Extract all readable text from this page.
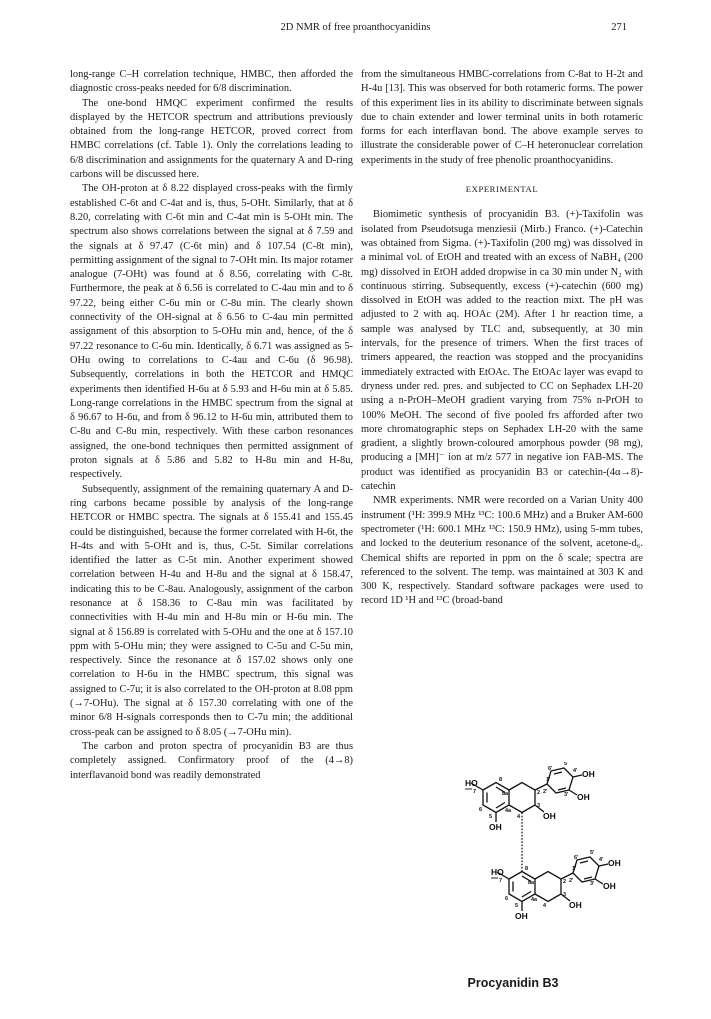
2D NMR of free proanthocyanidins	271

long-range C–H correlation technique, HMBC, then afforded the diagnostic cross-peaks needed for 6/8 discrimination.

The one-bond HMQC experiment confirmed the results displayed by the HETCOR spectrum and attributions previously obtained from the long-range HETCOR, proved correct from HMBC correlations (cf. Table 1). Only the correlations leading to 6/8 discrimination and assignments for the quaternary A and D-ring carbons will be discussed here.

The OH-proton at δ 8.22 displayed cross-peaks with the firmly established C-6t and C-4at and is, thus, 5-OHt. Similarly, that at δ 8.20, correlating with C-6t min and C-4at min is 5-OHt min. The spectrum also shows correlations between the signal at δ 7.59 and the signals at δ 97.47 (C-6t min) and δ 107.54 (C-8t min), permitting assignment of the signal to 7-OHt min. Its major rotamer analogue (7-OHt) was found at δ 8.56, correlating with C-8t. Furthermore, the peak at δ 6.56 is correlated to C-4au min and to δ 97.22, being either C-6u min or C-8u min. The clearly shown connectivity of the OH-signal at δ 6.56 to C-4au min permitted assignment of this absorption to 5-OHu min and, hence, of the δ 97.22 resonance to C-6u min. Identically, δ 6.71 was assigned as 5-OHu owing to correlations to C-4au and C-6u (δ 96.98). Subsequently, correlations in both the HETCOR and HMQC experiments then identified H-6u at δ 5.93 and H-6u min at δ 5.85. Long-range correlations in the HMBC spectrum from the signal at δ 96.67 to H-6u, and from δ 96.12 to H-6u min, attributed them to C-8u and C-8u min, respectively. With these carbon resonances assigned, the one-bond techniques then permitted assignment of proton signals at δ 5.86 and 5.82 to H-8u min and H-8u, respectively.

Subsequently, assignment of the remaining quaternary A and D-ring carbons became possible by analysis of the long-range HETCOR or HMBC spectra. The signals at δ 155.41 and 155.45 could be distinguished, because the former correlated with H-6t, the H-4ts and with 5-OHt and is, thus, C-5t. Similar correlations identified the latter as C-5t min. Another experiment showed correlation between H-4u and H-8u and the signal at δ 158.47, indicating this to be C-8au. Analogously, assignment of the carbon resonance at δ 158.36 to C-8au min was facilitated by connectivities with H-4u min and H-8u min or H-6u min. The signal at δ 156.89 is correlated with 5-OHu and the one at δ 157.10 ppm with 5-OHu min; they were assigned to C-5u and C-5u min, respectively. Since the resonance at δ 157.02 shows only one correlation to H-6u in the HMBC spectrum, this signal was assigned to C-7u; it is also correlated to the OH-proton at 8.08 ppm (→7-OHu). The signal at δ 157.30 correlating with one of the minor 6/8 H-signals corresponds then to C-7u min; the additional cross-peak can be assigned to δ 8.05 (→7-OHu min).

The carbon and proton spectra of procyanidin B3 are thus completely assigned. Confirmatory proof of the (4→8) interflavanoid bond was readily demonstrated

from the simultaneous HMBC-correlations from C-8at to H-2t and H-4u [13]. This was observed for both rotameric forms. The power of this experiment lies in its ability to discriminate between signals due to chain extender and lower terminal units in both rotameric forms for each interflavan bond. The above example serves to illustrate the considerable power of C–H heteronuclear correlation experiments in the study of free phenolic proanthocyanidins.

EXPERIMENTAL

Biomimetic synthesis of procyanidin B3. (+)-Taxifolin was isolated from Pseudotsuga menziesii (Mirb.) Franco. (+)-Catechin was obtained from Sigma. (+)-Taxifolin (200 mg) was dissolved in a minimal vol. of EtOH and treated with an excess of NaBH₄ (200 mg) dissolved in EtOH added dropwise in ca 30 min under N₂ with continuous stirring. Subsequently, excess (+)-catechin (600 mg) dissolved in EtOH was added to the reaction mixt. The pH was adjusted to 2 with aq. HOAc (2M). After 1 hr reaction time, a sample was analysed by TLC and, subsequently, at 30 min intervals, for the presence of trimers. When the first traces of trimers appeared, the reaction was stopped and the procyanidins immediately extracted with EtOAc. The EtOAc layer was evapd to dryness under red. pres. and subjected to CC on Sephadex LH-20 using a n-PrOH–MeOH gradient varying from 75% n-PrOH to 100% MeOH. The second of five pooled frs afforded after two more chromatographic steps on Sephadex LH-20 with the same gradient, a slightly brown-coloured amorphous powder (98 mg), producing a [MH]⁻ ion at m/z 577 in negative ion FAB-MS. The product was identified as procyanidin B3 or catechin-(4α→8)-catechin

NMR experiments. NMR were recorded on a Varian Unity 400 instrument (¹H: 399.9 MHz ¹³C: 100.6 MHz) and a Bruker AM-600 spectrometer (¹H: 600.1 MHz ¹³C: 150.9 HMz), using 5-mm tubes, and locked to the deuterium resonance of the solvent, acetone-d₆. Chemical shifts are reported in ppm on the δ scale; spectra are referenced to the solvent. The temp. was maintained at 303 K and 300 K, respectively. Standard software packages were used to record 1D ¹H and ¹³C (broad-band

HO
7
8
8a
6
5
4a
2
3
4
1'
2'	3'
4'
5'
6'	OH
OH
OH
OH
HO
7
8
8a
6
5
4a
2
3
4
1'
2'	3'
4'
5'
6'	OH
OH
OH
OH
Procyanidin B3
